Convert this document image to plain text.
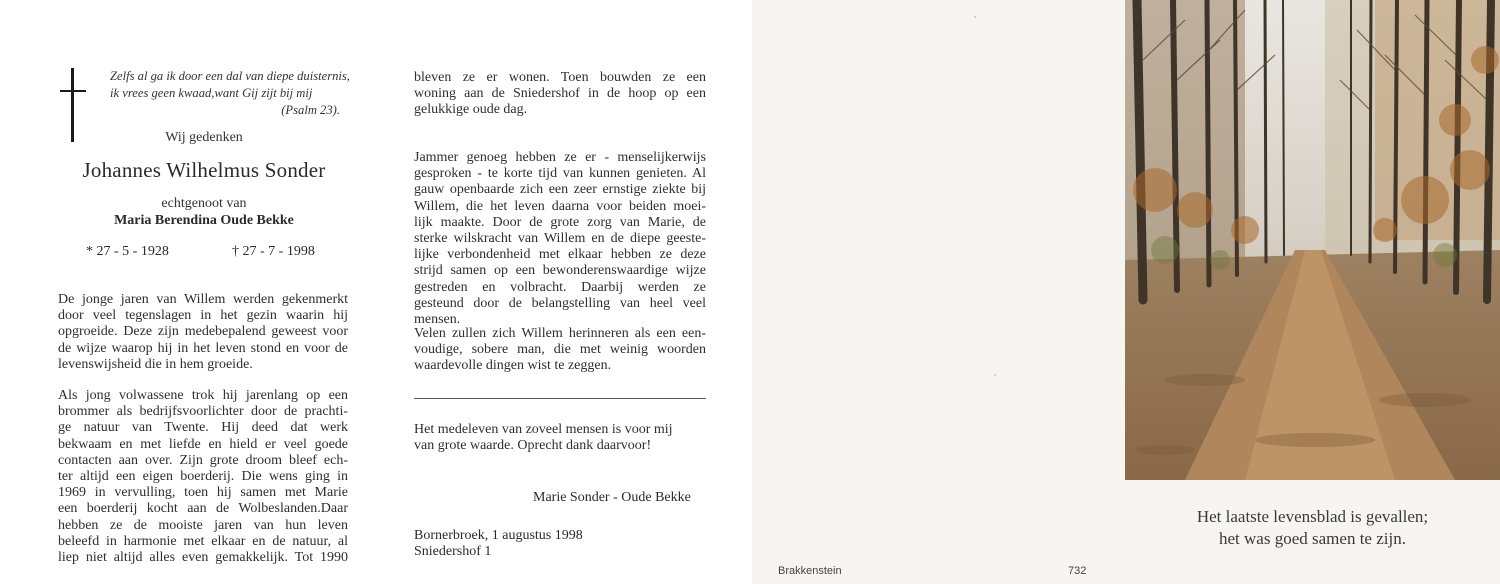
Zelfs al ga ik door een dal van diepe duisternis,
ik vrees geen kwaad,want Gij zijt bij mij
(Psalm 23).
Wij gedenken
Johannes Wilhelmus Sonder
echtgenoot van
Maria Berendina Oude Bekke
* 27 - 5 - 1928	† 27 - 7 - 1998
De jonge jaren van Willem werden gekenmerkt
door veel tegenslagen in het gezin waarin hij
opgroeide. Deze zijn medebepalend geweest voor
de wijze waarop hij in het leven stond en voor de
levenswijsheid die in hem groeide.
Als jong volwassene trok hij jarenlang op een
brommer als bedrijfsvoorlichter door de prachti-
ge natuur van Twente. Hij deed dat werk
bekwaam en met liefde en hield er veel goede
contacten aan over. Zijn grote droom bleef ech-
ter altijd een eigen boerderij. Die wens ging in
1969 in vervulling, toen hij samen met Marie
een boerderij kocht aan de Wolbeslanden.Daar
hebben ze de mooiste jaren van hun leven
beleefd in harmonie met elkaar en de natuur, al
liep niet altijd alles even gemakkelijk. Tot 1990
bleven ze er wonen. Toen bouwden ze een
woning aan de Sniedershof in de hoop op een
gelukkige oude dag.
Jammer genoeg hebben ze er - menselijkerwijs
gesproken - te korte tijd van kunnen genieten. Al
gauw openbaarde zich een zeer ernstige ziekte bij
Willem, die het leven daarna voor beiden moei-
lijk maakte. Door de grote zorg van Marie, de
sterke wilskracht van Willem en de diepe geeste-
lijke verbondenheid met elkaar hebben ze deze
strijd samen op een bewonderenswaardige wijze
gestreden en volbracht. Daarbij werden ze
gesteund door de belangstelling van heel veel
mensen.
Velen zullen zich Willem herinneren als een een-
voudige, sobere man, die met weinig woorden
waardevolle dingen wist te zeggen.
Het medeleven van zoveel mensen is voor mij
van grote waarde. Oprecht dank daarvoor!
Marie Sonder - Oude Bekke
Bornerbroek, 1 augustus 1998
Sniedershof 1
Het laatste levensblad is gevallen;
het was goed samen te zijn.
Brakkenstein	732
